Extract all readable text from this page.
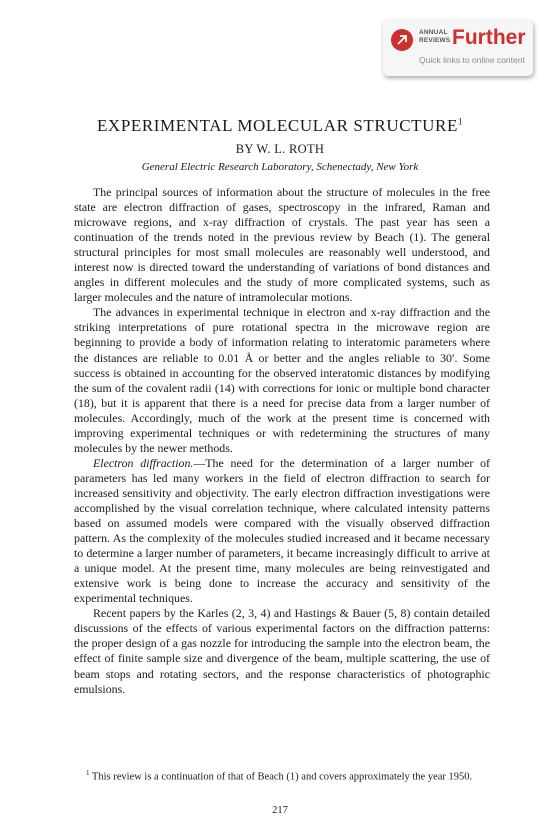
ANNUAL
REVIEWS Further
Quick links to online content
EXPERIMENTAL MOLECULAR STRUCTURE$^1$

BY W. L. ROTH

General Electric Research Laboratory, Schenectady, New York

The principal sources of information about the structure of molecules in the free state are electron diffraction of gases, spectroscopy in the infrared, Raman and microwave regions, and x-ray diffraction of crystals. The past year has seen a continuation of the trends noted in the previous review by Beach (1). The general structural principles for most small molecules are reasonably well understood, and interest now is directed toward the understanding of variations of bond distances and angles in different molecules and the study of more complicated systems, such as larger molecules and the nature of intramolecular motions.

The advances in experimental technique in electron and x-ray diffraction and the striking interpretations of pure rotational spectra in the microwave region are beginning to provide a body of information relating to interatomic parameters where the distances are reliable to 0.01 Å or better and the angles reliable to 30′. Some success is obtained in accounting for the observed interatomic distances by modifying the sum of the covalent radii (14) with corrections for ionic or multiple bond character (18), but it is apparent that there is a need for precise data from a larger number of molecules. Accordingly, much of the work at the present time is concerned with improving experimental techniques or with redetermining the structures of many molecules by the newer methods.

Electron diffraction.—The need for the determination of a larger number of parameters has led many workers in the field of electron diffraction to search for increased sensitivity and objectivity. The early electron diffraction investigations were accomplished by the visual correlation technique, where calculated intensity patterns based on assumed models were compared with the visually observed diffraction pattern. As the complexity of the molecules studied increased and it became necessary to determine a larger number of parameters, it became increasingly difficult to arrive at a unique model. At the present time, many molecules are being reinvestigated and extensive work is being done to increase the accuracy and sensitivity of the experimental techniques.

Recent papers by the Karles (2, 3, 4) and Hastings & Bauer (5, 8) contain detailed discussions of the effects of various experimental factors on the diffraction patterns: the proper design of a gas nozzle for introducing the sample into the electron beam, the effect of finite sample size and divergence of the beam, multiple scattering, the use of beam stops and rotating sectors, and the response characteristics of photographic emulsions.

$^1$ This review is a continuation of that of Beach (1) and covers approximately the year 1950.

217
